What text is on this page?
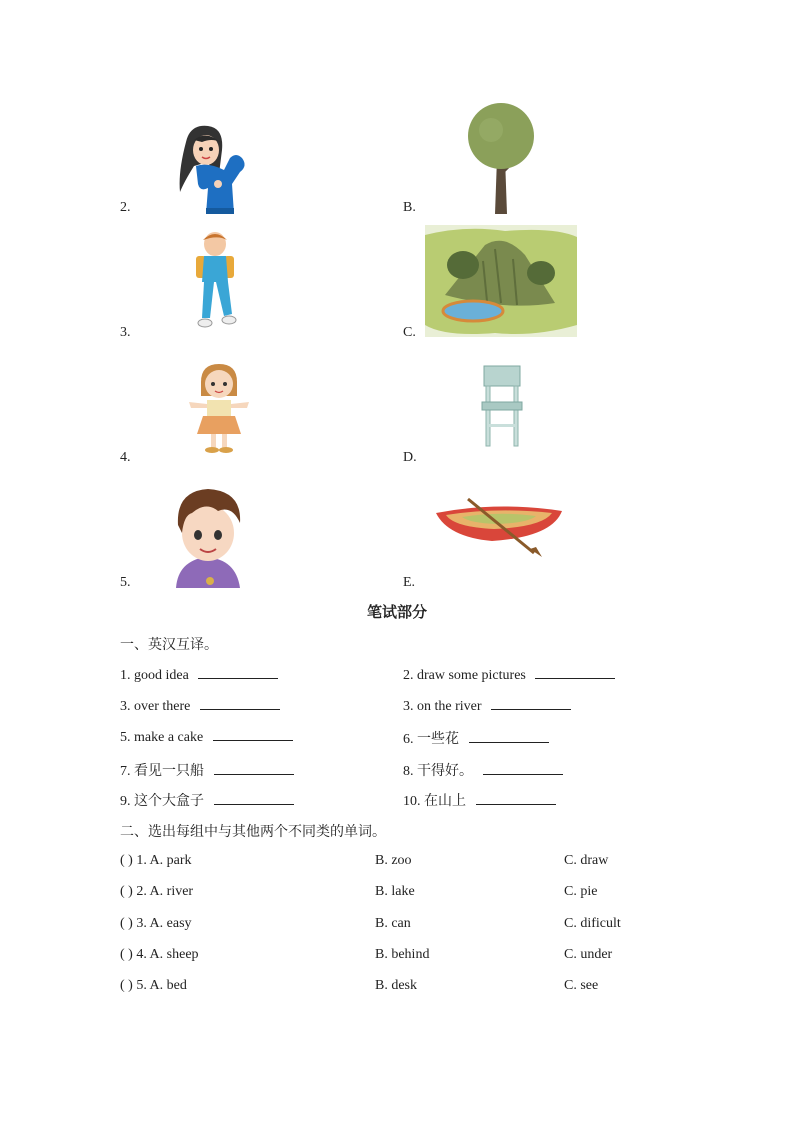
2.
3.
4.
5.
B.
C.
D.
E.
笔试部分
一、英汉互译。
1. good idea	2. draw some pictures
3. over there	3. on the river
5. make a cake	6. 一些花
7. 看见一只船	8. 干得好。
9. 这个大盒子	10. 在山上
二、选出每组中与其他两个不同类的单词。
( ) 1. A. park	B. zoo	C. draw
( ) 2. A. river	B. lake	C. pie
( ) 3. A. easy	B. can	C. dificult
( ) 4. A. sheep	B. behind	C. under
( ) 5. A. bed	B. desk	C. see
